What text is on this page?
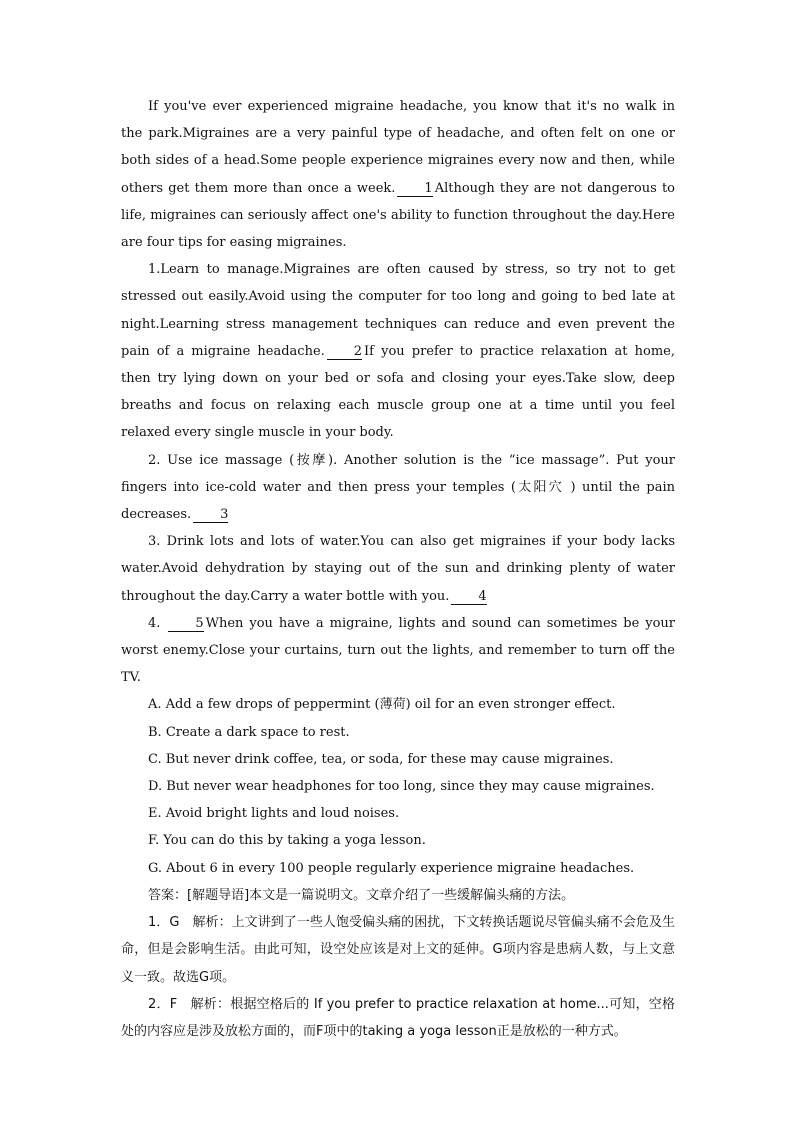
If you've ever experienced migraine headache, you know that it's no walk in the park.Migraines are a very painful type of headache, and often felt on one or both sides of a head.Some people experience migraines every now and then, while others get them more than once a week. 1 Although they are not dangerous to life, migraines can seriously affect one's ability to function throughout the day.Here are four tips for easing migraines.

1.Learn to manage.Migraines are often caused by stress, so try not to get stressed out easily.Avoid using the computer for too long and going to bed late at night.Learning stress management techniques can reduce and even prevent the pain of a migraine headache. 2 If you prefer to practice relaxation at home, then try lying down on your bed or sofa and closing your eyes.Take slow, deep breaths and focus on relaxing each muscle group one at a time until you feel relaxed every single muscle in your body.

2. Use ice massage (按摩). Another solution is the “ice massage”. Put your fingers into ice-cold water and then press your temples (太阳穴 ) until the pain decreases. 3

3. Drink lots and lots of water.You can also get migraines if your body lacks water.Avoid dehydration by staying out of the sun and drinking plenty of water throughout the day.Carry a water bottle with you. 4

4. 5 When you have a migraine, lights and sound can sometimes be your worst enemy.Close your curtains, turn out the lights, and remember to turn off the TV.

A. Add a few drops of peppermint (薄荷) oil for an even stronger effect.

B. Create a dark space to rest.

C. But never drink coffee, tea, or soda, for these may cause migraines.

D. But never wear headphones for too long, since they may cause migraines.

E. Avoid bright lights and loud noises.

F. You can do this by taking a yoga lesson.

G. About 6 in every 100 people regularly experience migraine headaches.

答案：[解题导语]本文是一篇说明文。文章介绍了一些缓解偏头痛的方法。

1．G　解析：上文讲到了一些人饱受偏头痛的困扰，下文转换话题说尽管偏头痛不会危及生命，但是会影响生活。由此可知，设空处应该是对上文的延伸。G项内容是患病人数，与上文意义一致。故选G项。

2．F　解析：根据空格后的 If you prefer to practice relaxation at home...可知，空格处的内容应是涉及放松方面的，而F项中的taking a yoga lesson正是放松的一种方式。
